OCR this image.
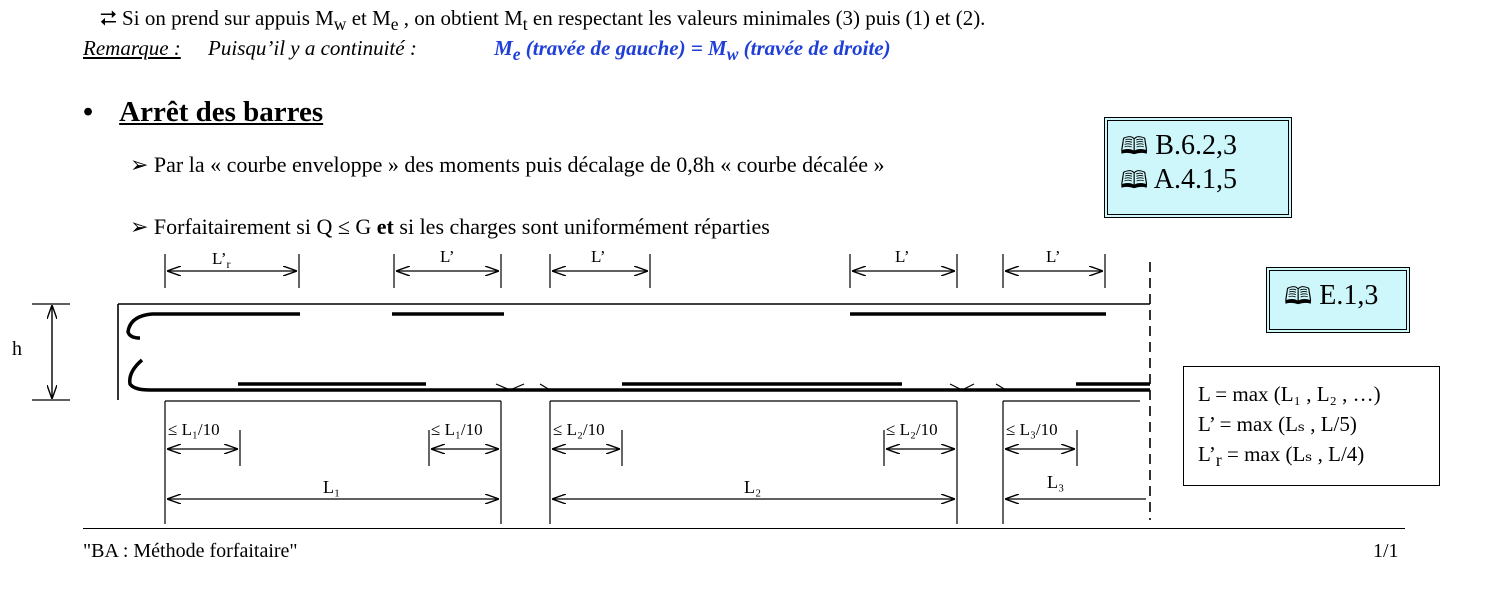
⮂ Si on prend sur appuis $M_w$ et $M_e$ , on obtient $M_t$ en respectant les valeurs minimales (3) puis (1) et (2).
Remarque : Puisqu’il y a continuité :	$M_e$ (travée de gauche) = $M_w$ (travée de droite)
• Arrêt des barres
➢ Par la « courbe enveloppe » des moments puis décalage de 0,8h « courbe décalée »
➢ Forfaitairement si Q ≤ G et si les charges sont uniformément réparties
🕮 B.6.2,3
🕮 A.4.1,5
🕮 E.1,3
L = max (L₁ , L₂ , …)
L’ = max (Lₛ , L/5)
$L’_r = \max (L_s$ , L/4)
h
$L’_r$	L’	L’	L’	L’
≤ L₁/10	≤ L₁/10	≤ L₂/10	≤ L₂/10	≤ L₃/10
L₁	L₂	L₃
"BA : Méthode forfaitaire"	1/1
